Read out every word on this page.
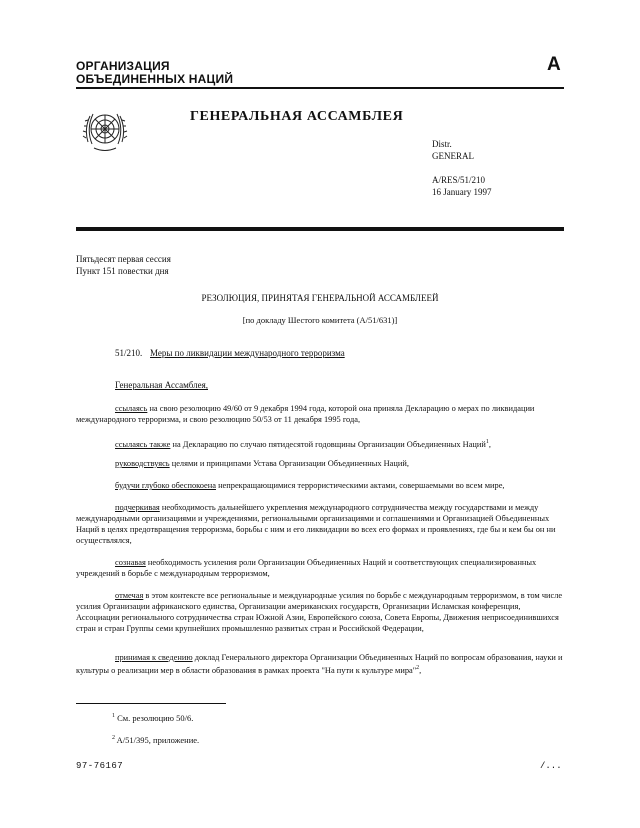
ОРГАНИЗАЦИЯ
ОБЪЕДИНЕННЫХ НАЦИЙ
A
ГЕНЕРАЛЬНАЯ АССАМБЛЕЯ
Distr.
GENERAL
A/RES/51/210
16 January 1997
Пятьдесят первая сессия
Пункт 151 повестки дня
РЕЗОЛЮЦИЯ, ПРИНЯТАЯ ГЕНЕРАЛЬНОЙ АССАМБЛЕЕЙ
[по докладу Шестого комитета (A/51/631)]
51/210. Меры по ликвидации международного терроризма
Генеральная Ассамблея,

ссылаясь на свою резолюцию 49/60 от 9 декабря 1994 года, которой она приняла Декларацию о мерах по ликвидации международного терроризма, и свою резолюцию 50/53 от 11 декабря 1995 года,

ссылаясь также на Декларацию по случаю пятидесятой годовщины Организации Объединенных Наций$^1$,

руководствуясь целями и принципами Устава Организации Объединенных Наций,

будучи глубоко обеспокоена непрекращающимися террористическими актами, совершаемыми во всем мире,

подчеркивая необходимость дальнейшего укрепления международного сотрудничества между государствами и между международными организациями и учреждениями, региональными организациями и соглашениями и Организацией Объединенных Наций в целях предотвращения терроризма, борьбы с ним и его ликвидации во всех его формах и проявлениях, где бы и кем бы он ни осуществлялся,

сознавая необходимость усиления роли Организации Объединенных Наций и соответствующих специализированных учреждений в борьбе с международным терроризмом,

отмечая в этом контексте все региональные и международные усилия по борьбе с международным терроризмом, в том числе усилия Организации африканского единства, Организации американских государств, Организации Исламская конференция, Ассоциации регионального сотрудничества стран Южной Азии, Европейского союза, Совета Европы, Движения неприсоединившихся стран и стран Группы семи крупнейших промышленно развитых стран и Российской Федерации,

принимая к сведению доклад Генерального директора Организации Объединенных Наций по вопросам образования, науки и культуры о реализации мер в области образования в рамках проекта "На пути к культуре мира"$^2$,

$^1$ См. резолюцию 50/6.
$^2$ A/51/395, приложение.
97-76167	/...
